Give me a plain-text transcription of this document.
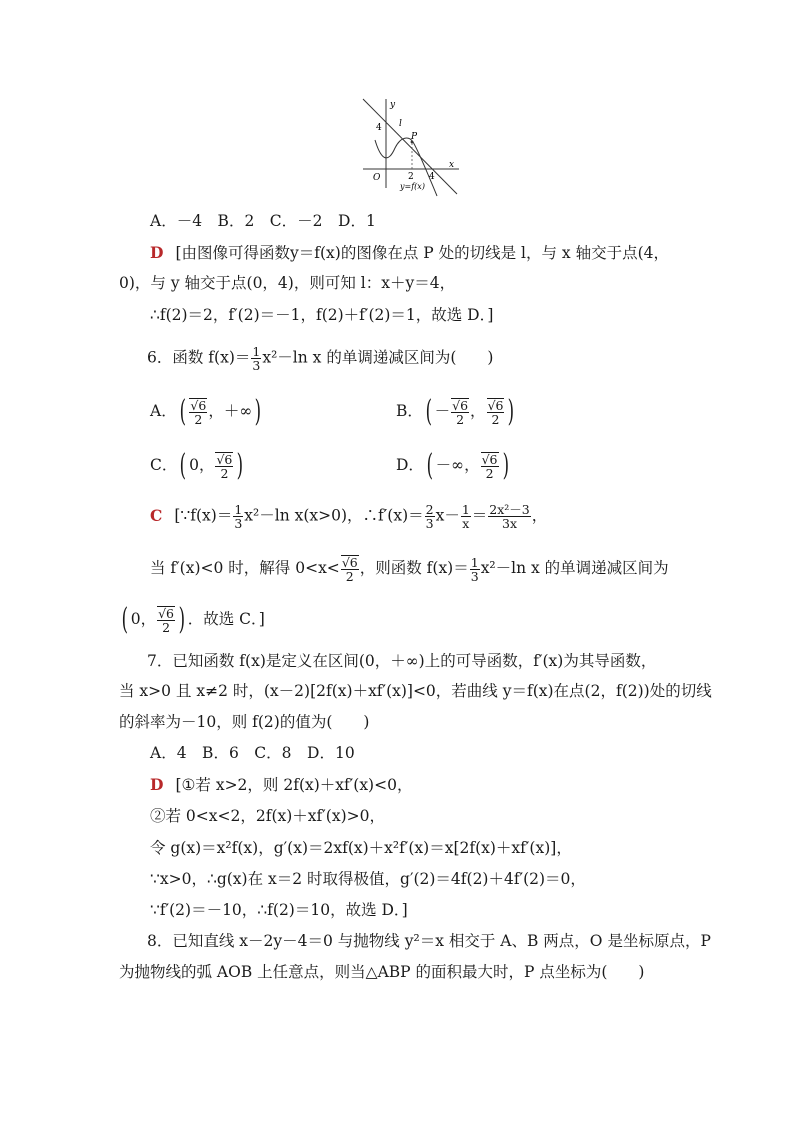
y
x
4
2 4
O
l
P
y=f(x)
A．－4　B．2　C．－2　D．1
D [由图像可得函数y＝f(x)的图像在点 P 处的切线是 l，与 x 轴交于点(4，
0)，与 y 轴交于点(0，4)，则可知 l：x＋y＝4，
∴f(2)＝2，f′(2)＝－1，f(2)＋f′(2)＝1，故选 D．]
6．函数 $f(x)= \frac{1}{3} x^2-\ln$ x 的单调递减区间为(　　)
A．( $\frac{√6}{2}$ ，＋∞)	B．( － $\frac{√6}{2}$ ， $\frac{√6}{2}$ )
C．( 0， $\frac{√6}{2}$ )	D．( －∞， $\frac{√6}{2}$ )
C [∵f(x)＝ $\frac{1}{3} x^2-\ln$ x(x>0)，∴f′(x)＝ $\frac{2}{3} x- \frac{1}{x} = \frac{\text{2x²－3}}{3x}$ ，
当 f′(x)<0 时，解得 $0<x< \frac{√6}{2}$ ，则函数 $f(x)= \frac{1}{3} x^2-\ln$ x 的单调递减区间为
( 0， $\frac{√6}{2}$ ) ．故选 C．]
7．已知函数 f(x)是定义在区间(0，＋∞)上的可导函数，f′(x)为其导函数，
当 x>0 且 x≠2 时，(x－2)[2f(x)＋xf′(x)]<0，若曲线 y＝f(x)在点(2，f(2))处的切线
的斜率为－10，则 f(2)的值为(　　)
A．4　B．6　C．8　D．10
D [①若 x>2，则 2f(x)＋xf′(x)<0，
②若 0<x<2，2f(x)＋xf′(x)>0，
令 g(x)＝x²f(x)，g′(x)＝2xf(x)＋x²f′(x)＝x[2f(x)＋xf′(x)]，
∵x>0，∴g(x)在 x＝2 时取得极值，g′(2)＝4f(2)＋4f′(2)＝0，
∵f′(2)＝－10，∴f(2)＝10，故选 D．]
8．已知直线 x－2y－4＝0 与抛物线 y²＝x 相交于 A、B 两点，O 是坐标原点，P
为抛物线的弧 AOB 上任意点，则当△ABP 的面积最大时，P 点坐标为(　　)
